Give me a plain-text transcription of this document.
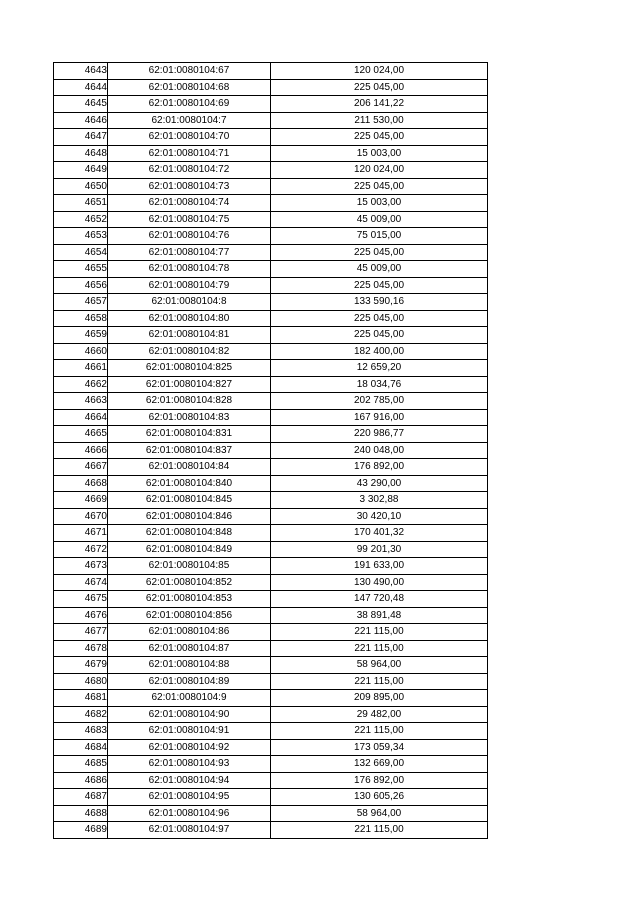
4643	62:01:0080104:67	120 024,00
4644	62:01:0080104:68	225 045,00
4645	62:01:0080104:69	206 141,22
4646	62:01:0080104:7	211 530,00
4647	62:01:0080104:70	225 045,00
4648	62:01:0080104:71	15 003,00
4649	62:01:0080104:72	120 024,00
4650	62:01:0080104:73	225 045,00
4651	62:01:0080104:74	15 003,00
4652	62:01:0080104:75	45 009,00
4653	62:01:0080104:76	75 015,00
4654	62:01:0080104:77	225 045,00
4655	62:01:0080104:78	45 009,00
4656	62:01:0080104:79	225 045,00
4657	62:01:0080104:8	133 590,16
4658	62:01:0080104:80	225 045,00
4659	62:01:0080104:81	225 045,00
4660	62:01:0080104:82	182 400,00
4661	62:01:0080104:825	12 659,20
4662	62:01:0080104:827	18 034,76
4663	62:01:0080104:828	202 785,00
4664	62:01:0080104:83	167 916,00
4665	62:01:0080104:831	220 986,77
4666	62:01:0080104:837	240 048,00
4667	62:01:0080104:84	176 892,00
4668	62:01:0080104:840	43 290,00
4669	62:01:0080104:845	3 302,88
4670	62:01:0080104:846	30 420,10
4671	62:01:0080104:848	170 401,32
4672	62:01:0080104:849	99 201,30
4673	62:01:0080104:85	191 633,00
4674	62:01:0080104:852	130 490,00
4675	62:01:0080104:853	147 720,48
4676	62:01:0080104:856	38 891,48
4677	62:01:0080104:86	221 115,00
4678	62:01:0080104:87	221 115,00
4679	62:01:0080104:88	58 964,00
4680	62:01:0080104:89	221 115,00
4681	62:01:0080104:9	209 895,00
4682	62:01:0080104:90	29 482,00
4683	62:01:0080104:91	221 115,00
4684	62:01:0080104:92	173 059,34
4685	62:01:0080104:93	132 669,00
4686	62:01:0080104:94	176 892,00
4687	62:01:0080104:95	130 605,26
4688	62:01:0080104:96	58 964,00
4689	62:01:0080104:97	221 115,00
